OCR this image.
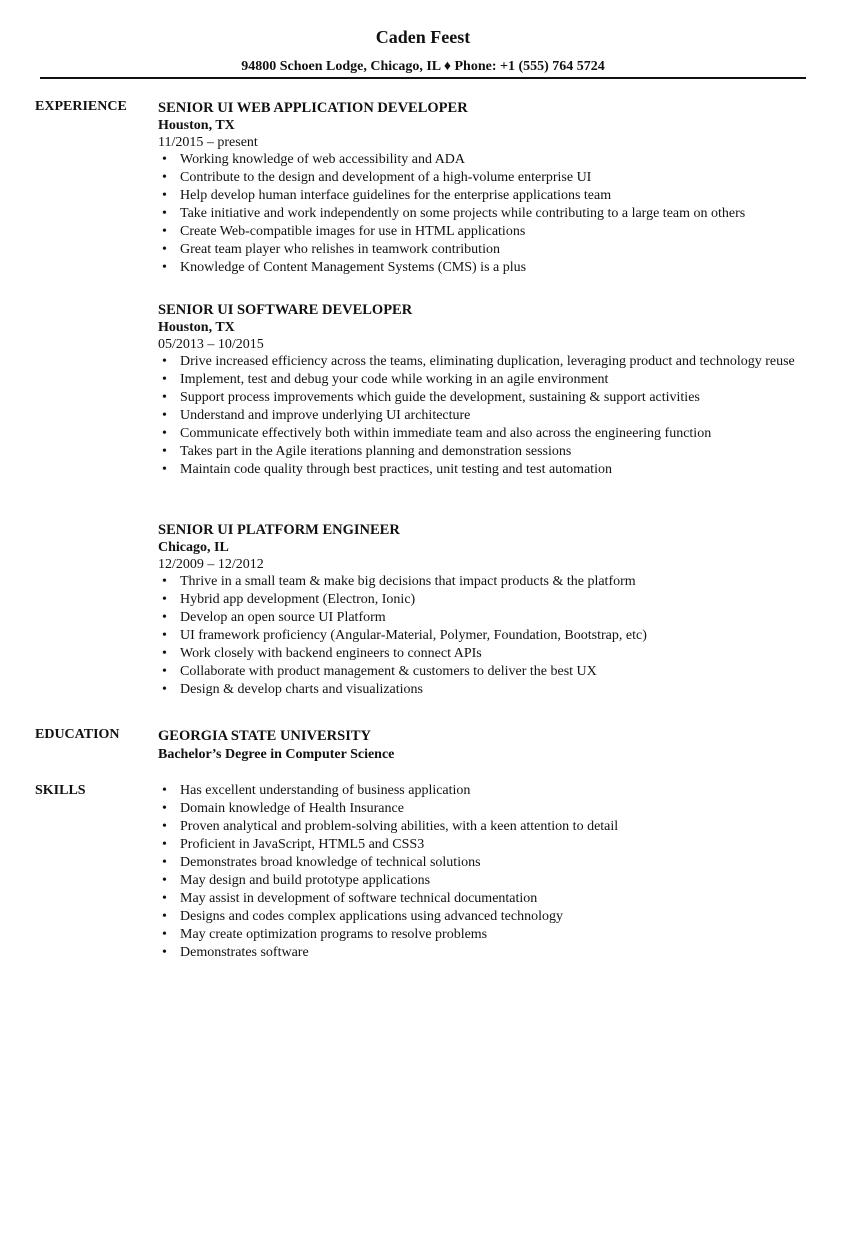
Caden Feest
94800 Schoen Lodge, Chicago, IL ♦ Phone: +1 (555) 764 5724
EXPERIENCE SENIOR UI WEB APPLICATION DEVELOPER
Houston, TX
11/2015 – present
• Working knowledge of web accessibility and ADA
• Contribute to the design and development of a high-volume enterprise UI
• Help develop human interface guidelines for the enterprise applications team
• Take initiative and work independently on some projects while contributing to a large team on others
• Create Web-compatible images for use in HTML applications
• Great team player who relishes in teamwork contribution
• Knowledge of Content Management Systems (CMS) is a plus
SENIOR UI SOFTWARE DEVELOPER
Houston, TX
05/2013 – 10/2015
• Drive increased efficiency across the teams, eliminating duplication, leveraging product and technology reuse
• Implement, test and debug your code while working in an agile environment
• Support process improvements which guide the development, sustaining & support activities
• Understand and improve underlying UI architecture
• Communicate effectively both within immediate team and also across the engineering function
• Takes part in the Agile iterations planning and demonstration sessions
• Maintain code quality through best practices, unit testing and test automation
SENIOR UI PLATFORM ENGINEER
Chicago, IL
12/2009 – 12/2012
• Thrive in a small team & make big decisions that impact products & the platform
• Hybrid app development (Electron, Ionic)
• Develop an open source UI Platform
• UI framework proficiency (Angular-Material, Polymer, Foundation, Bootstrap, etc)
• Work closely with backend engineers to connect APIs
• Collaborate with product management & customers to deliver the best UX
• Design & develop charts and visualizations
EDUCATION	GEORGIA STATE UNIVERSITY
Bachelor’s Degree in Computer Science
SKILLS
•	Has excellent understanding of business application
• Domain knowledge of Health Insurance
• Proven analytical and problem-solving abilities, with a keen attention to detail
• Proficient in JavaScript, HTML5 and CSS3
• Demonstrates broad knowledge of technical solutions
• May design and build prototype applications
• May assist in development of software technical documentation
• Designs and codes complex applications using advanced technology
• May create optimization programs to resolve problems
• Demonstrates software
